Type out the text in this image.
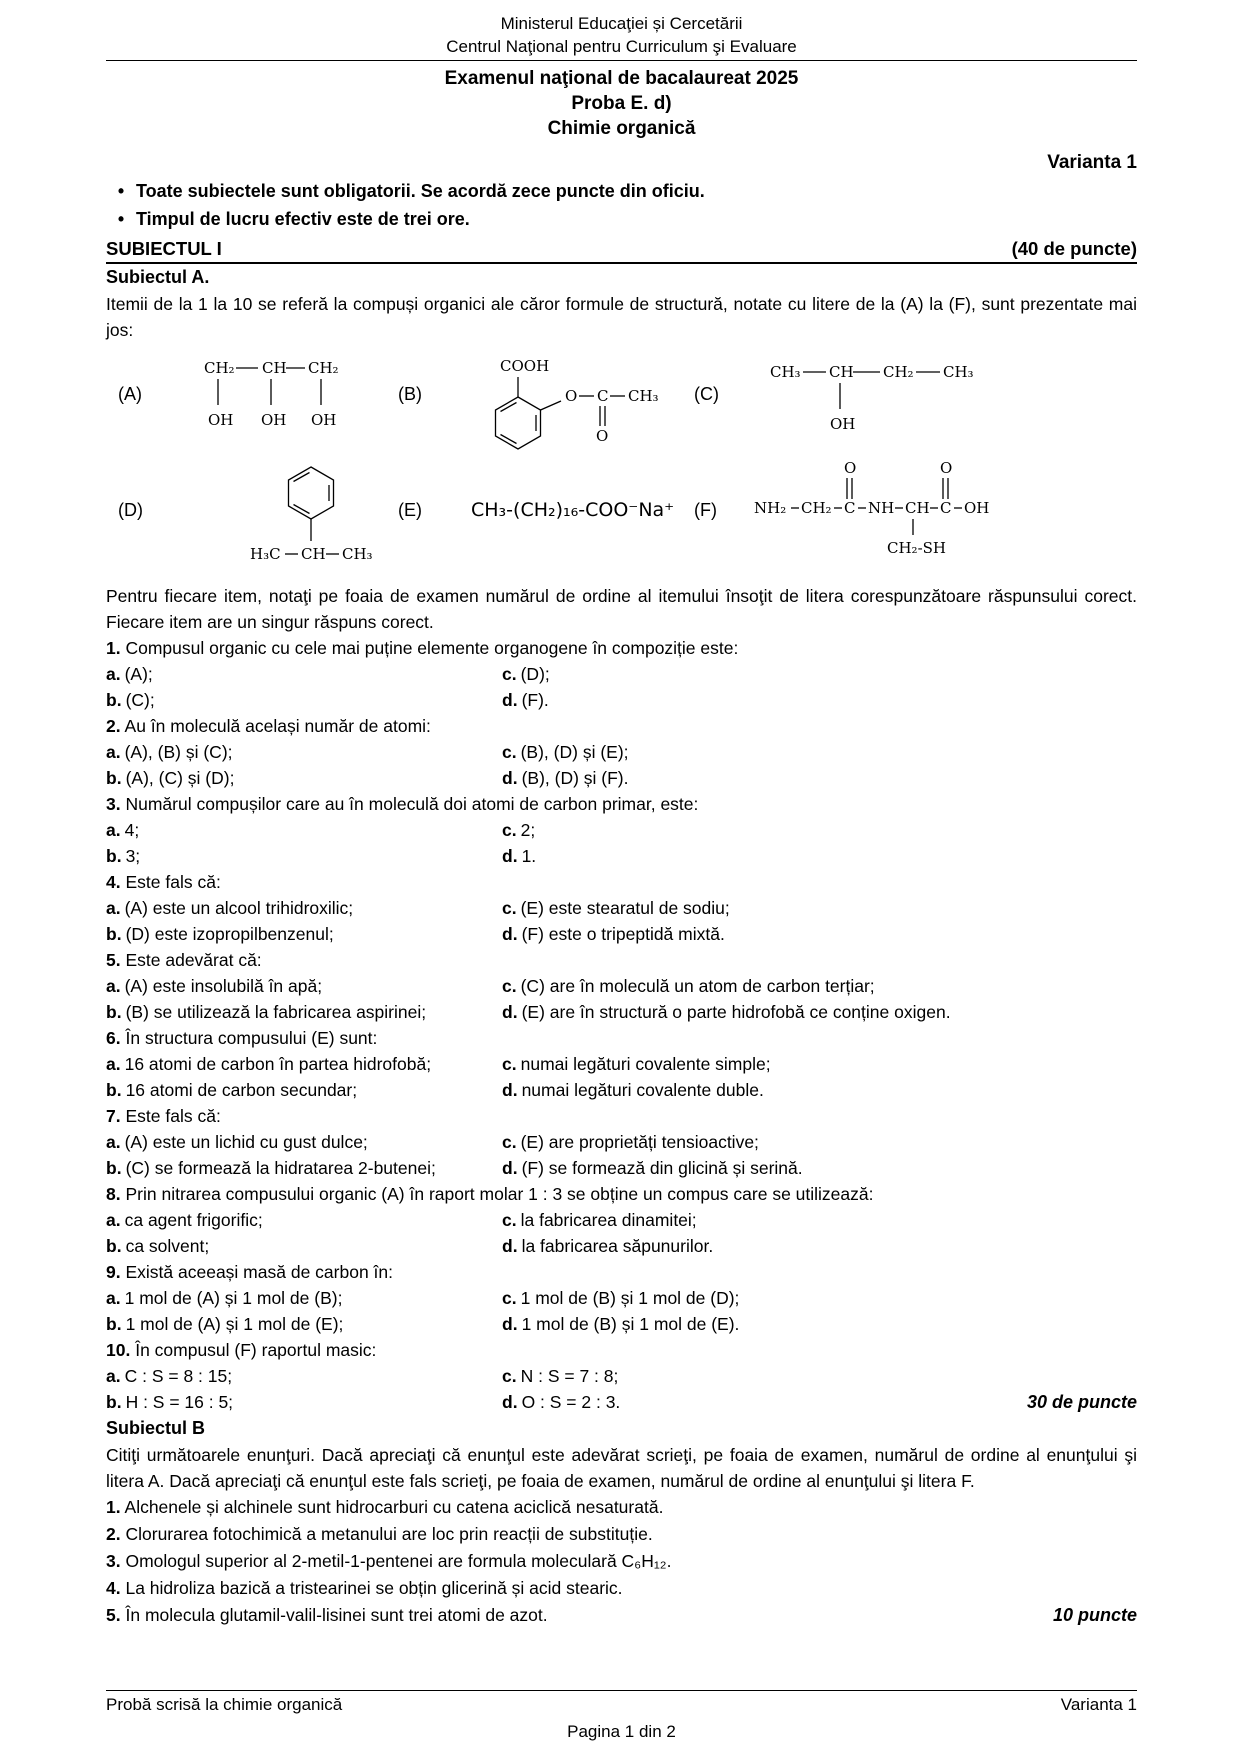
Ministerul Educaţiei și Cercetării
Centrul Naţional pentru Curriculum şi Evaluare
Examenul naţional de bacalaureat 2025
Proba E. d)
Chimie organică
Varianta 1
• Toate subiectele sunt obligatorii. Se acordă zece puncte din oficiu.
• Timpul de lucru efectiv este de trei ore.
SUBIECTUL I	(40 de puncte)
Subiectul A.
Itemii de la 1 la 10 se referă la compuși organici ale căror formule de structură, notate cu litere de la (A) la (F), sunt prezentate mai jos:
(A)
CH₂ CH CH₂
OH OH OH
(B)
COOH
O C CH₃
O
(C)
CH₃ CH CH₂ CH₃
OH
(D)
H₃C CH CH₃
(E)	CH₃-(CH₂)₁₆-COO⁻Na⁺ (F) NH₂ CH₂ C NH CH C OH
O	O
CH₂-SH
Pentru fiecare item, notaţi pe foaia de examen numărul de ordine al itemului însoţit de litera corespunzătoare răspunsului corect. Fiecare item are un singur răspuns corect.
1. Compusul organic cu cele mai puține elemente organogene în compoziție este:
a. (A);	c. (D);
b. (C);	d. (F).
2. Au în moleculă același număr de atomi:
a. (A), (B) și (C);	c. (B), (D) și (E);
b. (A), (C) și (D);	d. (B), (D) și (F).
3. Numărul compușilor care au în moleculă doi atomi de carbon primar, este:
a. 4;	c. 2;
b. 3;	d. 1.
4. Este fals că:
a. (A) este un alcool trihidroxilic;	c. (E) este stearatul de sodiu;
b. (D) este izopropilbenzenul;	d. (F) este o tripeptidă mixtă.
5. Este adevărat că:
a. (A) este insolubilă în apă;	c. (C) are în moleculă un atom de carbon terțiar;
b. (B) se utilizează la fabricarea aspirinei;	d. (E) are în structură o parte hidrofobă ce conține oxigen.
6. În structura compusului (E) sunt:
a. 16 atomi de carbon în partea hidrofobă;	c. numai legături covalente simple;
b. 16 atomi de carbon secundar;	d. numai legături covalente duble.
7. Este fals că:
a. (A) este un lichid cu gust dulce;	c. (E) are proprietăți tensioactive;
b. (C) se formează la hidratarea 2-butenei;	d. (F) se formează din glicină și serină.
8. Prin nitrarea compusului organic (A) în raport molar 1 : 3 se obține un compus care se utilizează:
a. ca agent frigorific;	c. la fabricarea dinamitei;
b. ca solvent;	d. la fabricarea săpunurilor.
9. Există aceeași masă de carbon în:
a. 1 mol de (A) și 1 mol de (B);	c. 1 mol de (B) și 1 mol de (D);
b. 1 mol de (A) și 1 mol de (E);	d. 1 mol de (B) și 1 mol de (E).
10. În compusul (F) raportul masic:
a. C : S = 8 : 15;	c. N : S = 7 : 8;
b. H : S = 16 : 5;	d. O : S = 2 : 3.	30 de puncte
Subiectul B
Citiţi următoarele enunţuri. Dacă apreciaţi că enunţul este adevărat scrieţi, pe foaia de examen, numărul de ordine al enunţului şi litera A. Dacă apreciaţi că enunţul este fals scrieţi, pe foaia de examen, numărul de ordine al enunţului şi litera F.
1. Alchenele și alchinele sunt hidrocarburi cu catena aciclică nesaturată.
2. Clorurarea fotochimică a metanului are loc prin reacții de substituție.
3. Omologul superior al 2-metil-1-pentenei are formula moleculară C₆H₁₂.
4. La hidroliza bazică a tristearinei se obțin glicerină și acid stearic.
5. În molecula glutamil-valil-lisinei sunt trei atomi de azot.	10 puncte
Probă scrisă la chimie organică	Varianta 1
Pagina 1 din 2
